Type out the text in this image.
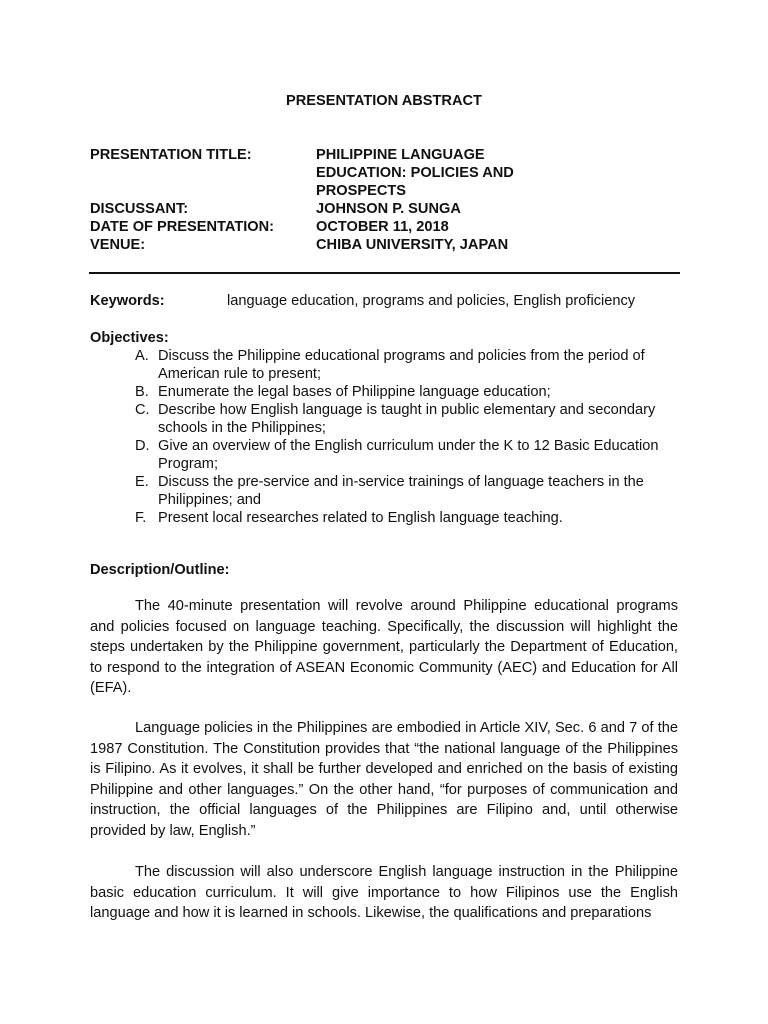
PRESENTATION ABSTRACT
PRESENTATION TITLE:	PHILIPPINE LANGUAGE EDUCATION: POLICIES AND PROSPECTS
DISCUSSANT:	JOHNSON P. SUNGA
DATE OF PRESENTATION:	OCTOBER 11, 2018
VENUE:	CHIBA UNIVERSITY, JAPAN
Keywords:	language education, programs and policies, English proficiency
Objectives:
A. Discuss the Philippine educational programs and policies from the period of American rule to present;
B. Enumerate the legal bases of Philippine language education;
C. Describe how English language is taught in public elementary and secondary schools in the Philippines;
D. Give an overview of the English curriculum under the K to 12 Basic Education Program;
E. Discuss the pre-service and in-service trainings of language teachers in the Philippines; and
F. Present local researches related to English language teaching.
Description/Outline:
The 40-minute presentation will revolve around Philippine educational programs and policies focused on language teaching. Specifically, the discussion will highlight the steps undertaken by the Philippine government, particularly the Department of Education, to respond to the integration of ASEAN Economic Community (AEC) and Education for All (EFA).
Language policies in the Philippines are embodied in Article XIV, Sec. 6 and 7 of the 1987 Constitution. The Constitution provides that “the national language of the Philippines is Filipino. As it evolves, it shall be further developed and enriched on the basis of existing Philippine and other languages.” On the other hand, “for purposes of communication and instruction, the official languages of the Philippines are Filipino and, until otherwise provided by law, English.”
The discussion will also underscore English language instruction in the Philippine basic education curriculum. It will give importance to how Filipinos use the English language and how it is learned in schools. Likewise, the qualifications and preparations
